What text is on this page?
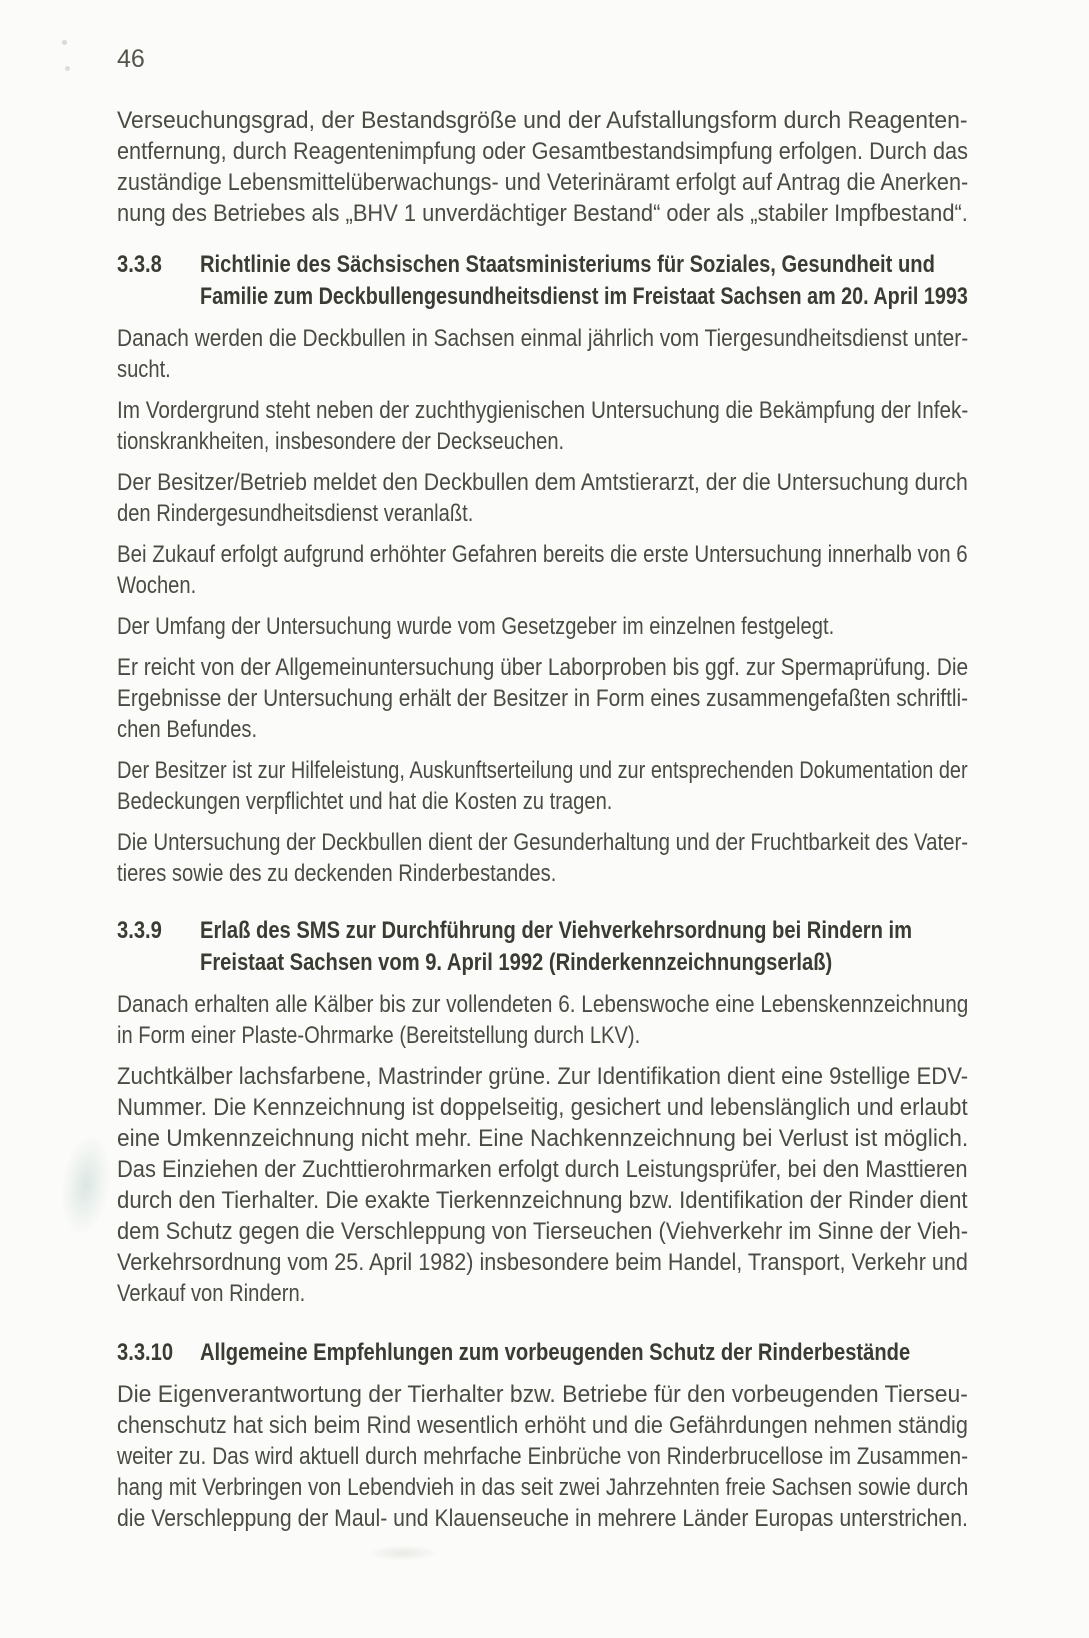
46
Verseuchungsgrad, der Bestandsgröße und der Aufstallungsform durch Reagenten-
entfernung, durch Reagentenimpfung oder Gesamtbestandsimpfung erfolgen. Durch das
zuständige Lebensmittelüberwachungs- und Veterinäramt erfolgt auf Antrag die Anerken-
nung des Betriebes als „BHV 1 unverdächtiger Bestand“ oder als „stabiler Impfbestand“.
3.3.8	Richtlinie des Sächsischen Staatsministeriums für Soziales, Gesundheit und
Familie zum Deckbullengesundheitsdienst im Freistaat Sachsen am 20. April 1993
Danach werden die Deckbullen in Sachsen einmal jährlich vom Tiergesundheitsdienst unter-
sucht.
Im Vordergrund steht neben der zuchthygienischen Untersuchung die Bekämpfung der Infek-
tionskrankheiten, insbesondere der Deckseuchen.
Der Besitzer/Betrieb meldet den Deckbullen dem Amtstierarzt, der die Untersuchung durch
den Rindergesundheitsdienst veranlaßt.
Bei Zukauf erfolgt aufgrund erhöhter Gefahren bereits die erste Untersuchung innerhalb von 6
Wochen.
Der Umfang der Untersuchung wurde vom Gesetzgeber im einzelnen festgelegt.
Er reicht von der Allgemeinuntersuchung über Laborproben bis ggf. zur Spermaprüfung. Die
Ergebnisse der Untersuchung erhält der Besitzer in Form eines zusammengefaßten schriftli-
chen Befundes.
Der Besitzer ist zur Hilfeleistung, Auskunftserteilung und zur entsprechenden Dokumentation der
Bedeckungen verpflichtet und hat die Kosten zu tragen.
Die Untersuchung der Deckbullen dient der Gesunderhaltung und der Fruchtbarkeit des Vater-
tieres sowie des zu deckenden Rinderbestandes.
3.3.9	Erlaß des SMS zur Durchführung der Viehverkehrsordnung bei Rindern im
Freistaat Sachsen vom 9. April 1992 (Rinderkennzeichnungserlaß)
Danach erhalten alle Kälber bis zur vollendeten 6. Lebenswoche eine Lebenskennzeichnung
in Form einer Plaste-Ohrmarke (Bereitstellung durch LKV).
Zuchtkälber lachsfarbene, Mastrinder grüne. Zur Identifikation dient eine 9stellige EDV-
Nummer. Die Kennzeichnung ist doppelseitig, gesichert und lebenslänglich und erlaubt
eine Umkennzeichnung nicht mehr. Eine Nachkennzeichnung bei Verlust ist möglich.
Das Einziehen der Zuchttierohrmarken erfolgt durch Leistungsprüfer, bei den Masttieren
durch den Tierhalter. Die exakte Tierkennzeichnung bzw. Identifikation der Rinder dient
dem Schutz gegen die Verschleppung von Tierseuchen (Viehverkehr im Sinne der Vieh-
Verkehrsordnung vom 25. April 1982) insbesondere beim Handel, Transport, Verkehr und
Verkauf von Rindern.
3.3.10	Allgemeine Empfehlungen zum vorbeugenden Schutz der Rinderbestände
Die Eigenverantwortung der Tierhalter bzw. Betriebe für den vorbeugenden Tierseu-
chenschutz hat sich beim Rind wesentlich erhöht und die Gefährdungen nehmen ständig
weiter zu. Das wird aktuell durch mehrfache Einbrüche von Rinderbrucellose im Zusammen-
hang mit Verbringen von Lebendvieh in das seit zwei Jahrzehnten freie Sachsen sowie durch
die Verschleppung der Maul- und Klauenseuche in mehrere Länder Europas unterstrichen.
